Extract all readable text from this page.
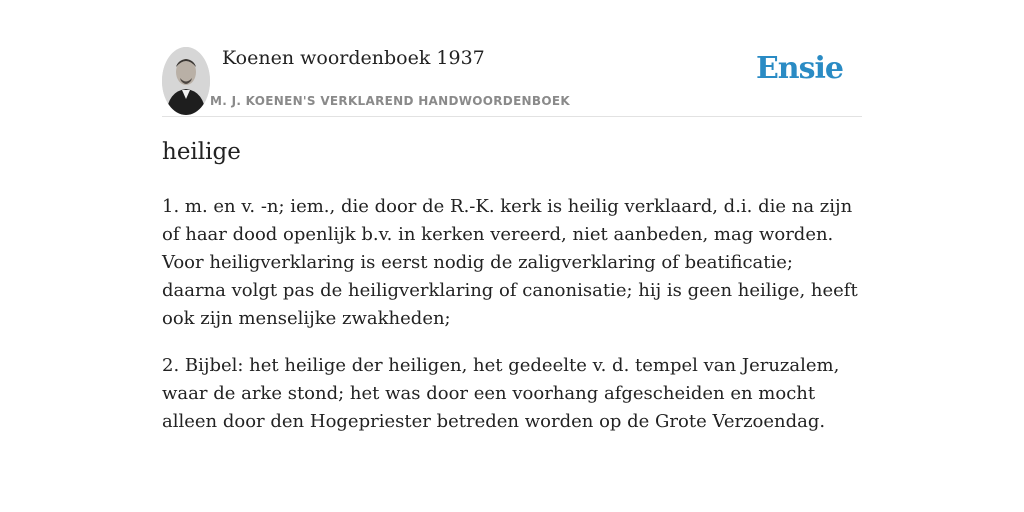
Koenen woordenboek 1937
M. J. KOENEN'S VERKLAREND HANDWOORDENBOEK
Ensie
heilige

1. m. en v. -n; iem., die door de R.-K. kerk is heilig verklaard, d.i. die na zijn of haar dood openlijk b.v. in kerken vereerd, niet aanbeden, mag worden. Voor heiligverklaring is eerst nodig de zaligverklaring of beatificatie; daarna volgt pas de heiligverklaring of canonisatie; hij is geen heilige, heeft ook zijn menselijke zwakheden;

2. Bijbel: het heilige der heiligen, het gedeelte v. d. tempel van Jeruzalem, waar de arke stond; het was door een voorhang afgescheiden en mocht alleen door den Hogepriester betreden worden op de Grote Verzoendag.
